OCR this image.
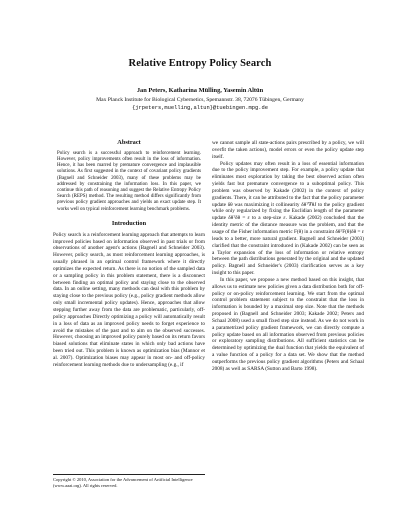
Relative Entropy Policy Search
Jan Peters, Katharina Mülling, Yasemin Altün
Max Planck Institute for Biological Cybernetics, Spemannstr. 38, 72076 Tübingen, Germany
{jrpeters,muelling,altun}@tuebingen.mpg.de
Abstract

Policy search is a successful approach to reinforcement learning. However, policy improvements often result in the loss of information. Hence, it has been marred by premature convergence and implausible solutions. As first suggested in the context of covariant policy gradients (Bagnell and Schneider 2003), many of these problems may be addressed by constraining the information loss. In this paper, we continue this path of reasoning and suggest the Relative Entropy Policy Search (REPS) method. The resulting method differs significantly from previous policy gradient approaches and yields an exact update step. It works well on typical reinforcement learning benchmark problems.

Introduction

Policy search is a reinforcement learning approach that attempts to learn improved policies based on information observed in past trials or from observations of another agent's actions (Bagnell and Schneider 2003). However, policy search, as most reinforcement learning approaches, is usually phrased in an optimal control framework where it directly optimizes the expected return. As there is no notion of the sampled data or a sampling policy in this problem statement, there is a disconnect between finding an optimal policy and staying close to the observed data. In an online setting, many methods can deal with this problem by staying close to the previous policy (e.g., policy gradient methods allow only small incremental policy updates). Hence, approaches that allow stepping further away from the data are problematic, particularly, off-policy approaches Directly optimizing a policy will automatically result in a loss of data as an improved policy needs to forget experience to avoid the mistakes of the past and to aim on the observed successes. However, choosing an improved policy purely based on its return favors biased solutions that eliminate states in which only bad actions have been tried out. This problem is known as optimization bias (Mannor et al. 2007). Optimization biases may appear in most on- and off-policy reinforcement learning methods due to undersampling (e.g., if

Copyright © 2010, Association for the Advancement of Artificial Intelligence (www.aaai.org). All rights reserved.

we cannot sample all state-actions pairs prescribed by a policy, we will overfit the taken actions), model errors or even the policy update step itself.

Policy updates may often result in a loss of essential information due to the policy improvement step. For example, a policy update that eliminates most exploration by taking the best observed action often yields fast but premature convergence to a suboptimal policy. This problem was observed by Kakade (2002) in the context of policy gradients. There, it can be attributed to the fact that the policy parameter update δθ was maximizing it collinearity δθᵀ∇θJ to the policy gradient while only regularized by fixing the Euclidian length of the parameter update δθᵀδθ = ε to a step-size ε. Kakade (2002) concluded that the identity metric of the distance measure was the problem, and that the usage of the Fisher information metric F(θ) in a constraint δθᵀF(θ)δθ = ε leads to a better, more natural gradient. Bagnell and Schneider (2003) clarified that the constraint introduced in (Kakade 2002) can be seen as a Taylor expansion of the loss of information or relative entropy between the path distributions generated by the original and the updated policy. Bagnell and Schneider's (2003) clarification serves as a key insight to this paper.

In this paper, we propose a new method based on this insight, that allows us to estimate new policies given a data distribution both for off-policy or on-policy reinforcement learning. We start from the optimal control problem statement subject to the constraint that the loss in information is bounded by a maximal step size. Note that the methods proposed in (Bagnell and Schneider 2003; Kakade 2002; Peters and Schaal 2008) used a small fixed step size instead. As we do not work in a parametrized policy gradient framework, we can directly compute a policy update based on all information observed from previous policies or exploratory sampling distributions. All sufficient statistics can be determined by optimizing the dual function that yields the equivalent of a value function of a policy for a data set. We show that the method outperforms the previous policy gradient algorithms (Peters and Schaal 2008) as well as SARSA (Sutton and Barto 1998).
